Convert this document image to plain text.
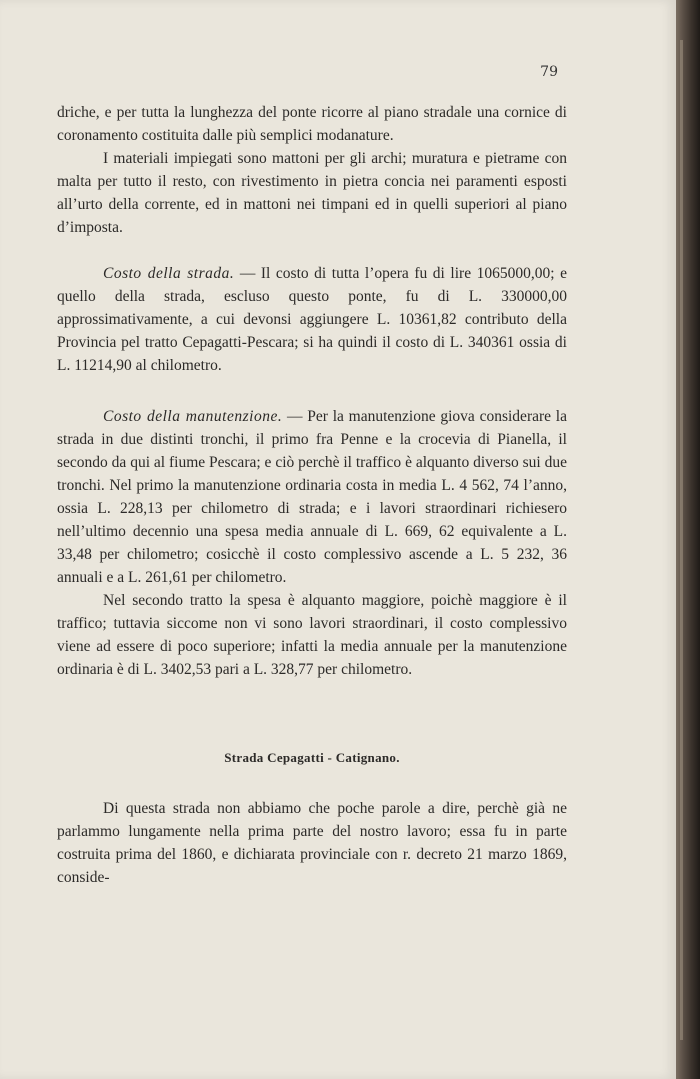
79

driche, e per tutta la lunghezza del ponte ricorre al piano stradale una cornice di coronamento costituita dalle più semplici modanature.

I materiali impiegati sono mattoni per gli archi; muratura e pietrame con malta per tutto il resto, con rivestimento in pietra concia nei paramenti esposti all’urto della corrente, ed in mattoni nei timpani ed in quelli superiori al piano d’imposta.

Costo della strada. — Il costo di tutta l’opera fu di lire 1065000,00; e quello della strada, escluso questo ponte, fu di L. 330000,00 approssimativamente, a cui devonsi aggiungere L. 10361,82 contributo della Provincia pel tratto Cepagatti-Pescara; si ha quindi il costo di L. 340361 ossia di L. 11214,90 al chilometro.

Costo della manutenzione. — Per la manutenzione giova considerare la strada in due distinti tronchi, il primo fra Penne e la crocevia di Pianella, il secondo da qui al fiume Pescara; e ciò perchè il traffico è alquanto diverso sui due tronchi. Nel primo la manutenzione ordinaria costa in media L. 4 562, 74 l’anno, ossia L. 228,13 per chilometro di strada; e i lavori straordinari richiesero nell’ultimo decennio una spesa media annuale di L. 669, 62 equivalente a L. 33,48 per chilometro; cosicchè il costo complessivo ascende a L. 5 232, 36 annuali e a L. 261,61 per chilometro.

Nel secondo tratto la spesa è alquanto maggiore, poichè maggiore è il traffico; tuttavia siccome non vi sono lavori straordinari, il costo complessivo viene ad essere di poco superiore; infatti la media annuale per la manutenzione ordinaria è di L. 3402,53 pari a L. 328,77 per chilometro.

Strada Cepagatti - Catignano.

Di questa strada non abbiamo che poche parole a dire, perchè già ne parlammo lungamente nella prima parte del nostro lavoro; essa fu in parte costruita prima del 1860, e dichiarata provinciale con r. decreto 21 marzo 1869, conside-
